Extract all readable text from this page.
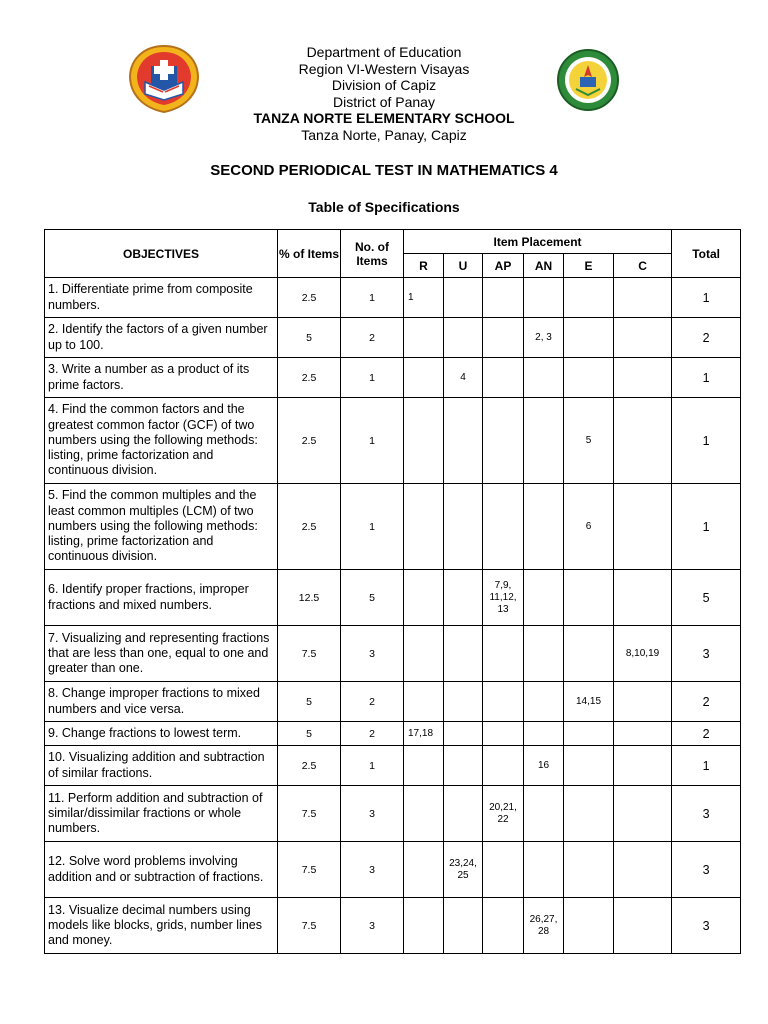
Department of Education
Region VI-Western Visayas
Division of Capiz
District of Panay
TANZA NORTE ELEMENTARY SCHOOL
Tanza Norte, Panay, Capiz
SECOND PERIODICAL TEST IN MATHEMATICS 4
Table of Specifications
OBJECTIVES	% of Items	No. of Items	Item Placement						Total
			R	U	AP	AN	E	C	
1. Differentiate prime from composite numbers.	2.5	1	1						1
2. Identify the factors of a given number up to 100.	5	2				2, 3			2
3. Write a number as a product of its prime factors.	2.5	1		4					1
4. Find the common factors and the greatest common factor (GCF) of two numbers using the following methods: listing, prime factorization and continuous division.	2.5	1					5		1
5. Find the common multiples and the least common multiples (LCM) of two numbers using the following methods: listing, prime factorization and continuous division.	2.5	1					6		1
6. Identify proper fractions, improper fractions and mixed numbers.	12.5	5			7,9, 11,12, 13				5
7. Visualizing and representing fractions that are less than one, equal to one and greater than one.	7.5	3						8,10,19	3
8. Change improper fractions to mixed numbers and vice versa.	5	2					14,15		2
9. Change fractions to lowest term.	5	2	17,18						2
10. Visualizing addition and subtraction of similar fractions.	2.5	1				16			1
11. Perform addition and subtraction of similar/dissimilar fractions or whole numbers.	7.5	3			20,21, 22				3
12. Solve word problems involving addition and or subtraction of fractions.	7.5	3		23,24, 25					3
13. Visualize decimal numbers using models like blocks, grids, number lines and money.	7.5	3				26,27, 28			3
